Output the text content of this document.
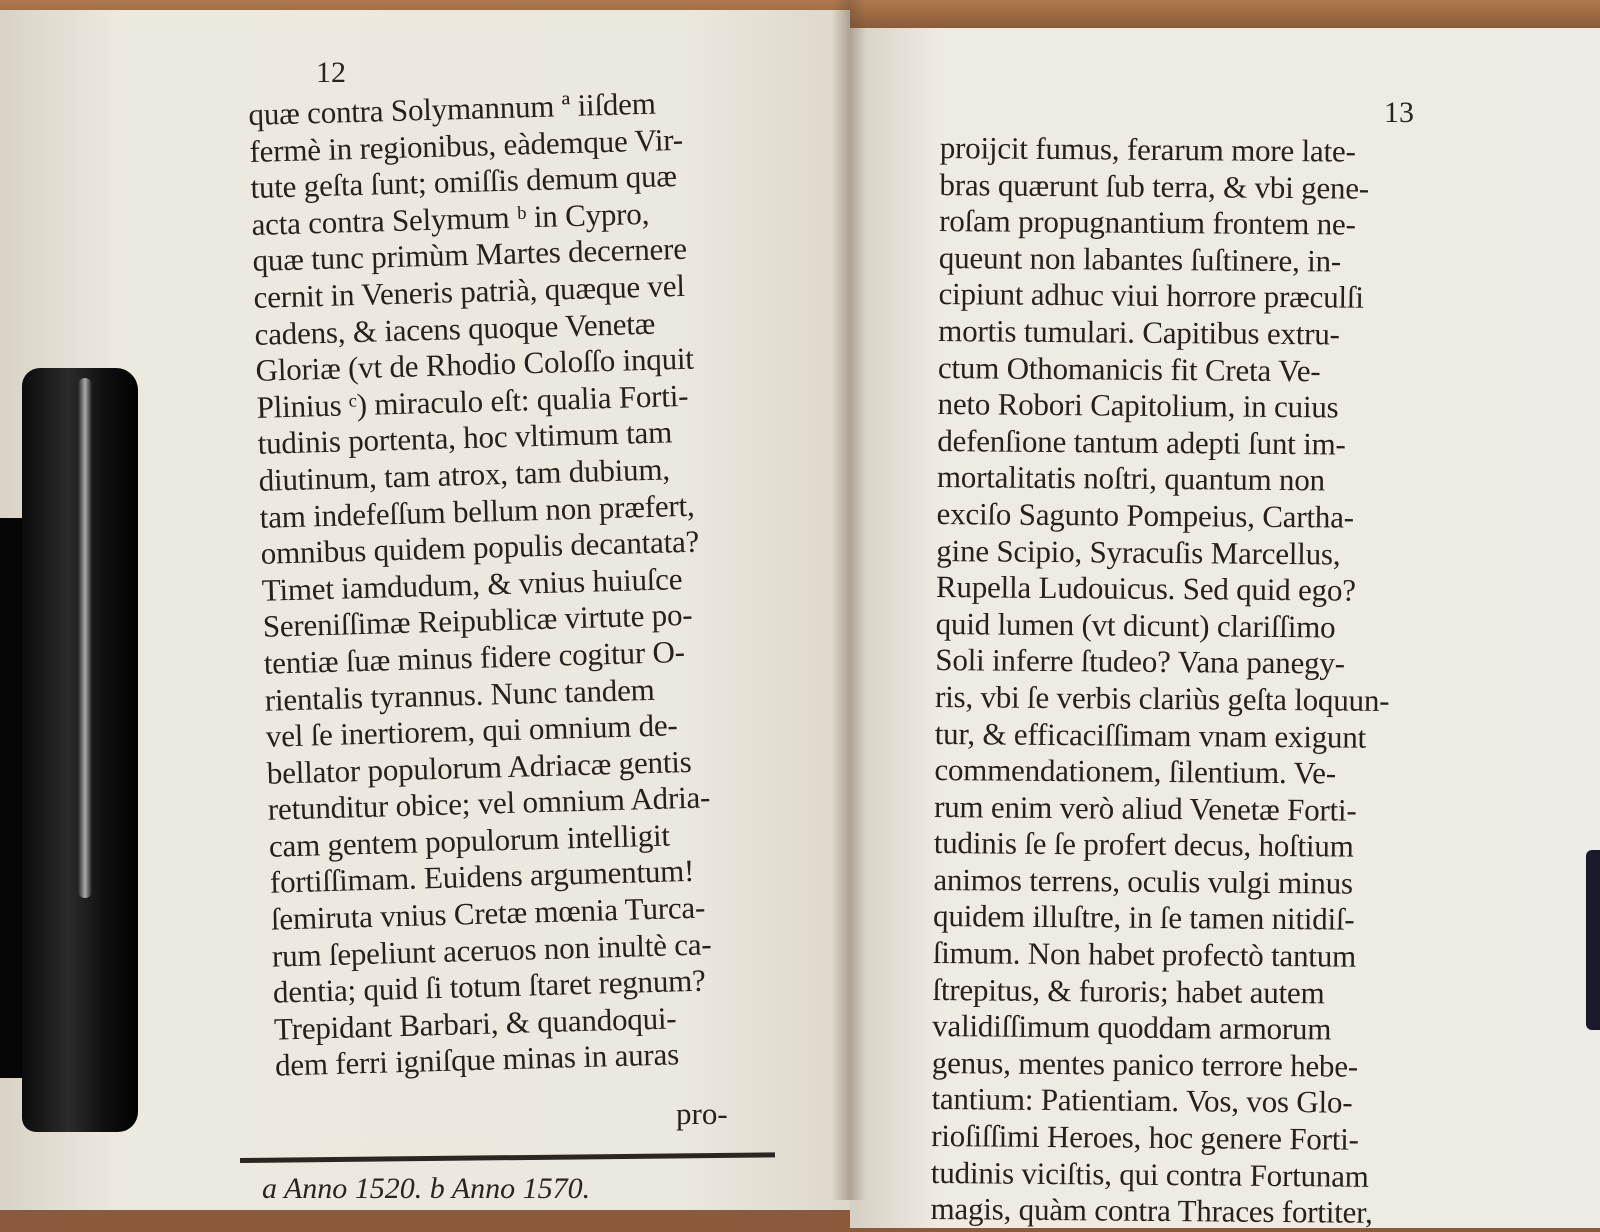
12
13
quæ contra Solymannum ª iiſdem
fermè in regionibus, eàdemque Vir-
tute geſta ſunt; omiſſis demum quæ
acta contra Selymum ᵇ in Cypro,
quæ tunc primùm Martes decernere
cernit in Veneris patrià, quæque vel
cadens, & iacens quoque Venetæ
Gloriæ (vt de Rhodio Coloſſo inquit
Plinius ᶜ) miraculo eſt: qualia Forti-
tudinis portenta, hoc vltimum tam
diutinum, tam atrox, tam dubium,
tam indefeſſum bellum non præfert,
omnibus quidem populis decantata?
Timet iamdudum, & vnius huiuſce
Sereniſſimæ Reipublicæ virtute po-
tentiæ ſuæ minus fidere cogitur O-
rientalis tyrannus. Nunc tandem
vel ſe inertiorem, qui omnium de-
bellator populorum Adriacæ gentis
retunditur obice; vel omnium Adria-
cam gentem populorum intelligit
fortiſſimam. Euidens argumentum!
ſemiruta vnius Cretæ mœnia Turca-
rum ſepeliunt aceruos non inultè ca-
dentia; quid ſi totum ſtaret regnum?
Trepidant Barbari, & quandoqui-
dem ferri igniſque minas in auras
proijcit fumus, ferarum more late-
bras quærunt ſub terra, & vbi gene-
roſam propugnantium frontem ne-
queunt non labantes ſuſtinere, in-
cipiunt adhuc viui horrore præculſi
mortis tumulari. Capitibus extru-
ctum Othomanicis fit Creta Ve-
neto Robori Capitolium, in cuius
defenſione tantum adepti ſunt im-
mortalitatis noſtri, quantum non
exciſo Sagunto Pompeius, Cartha-
gine Scipio, Syracuſis Marcellus,
Rupella Ludouicus. Sed quid ego?
quid lumen (vt dicunt) clariſſimo
Soli inferre ſtudeo? Vana panegy-
ris, vbi ſe verbis clariùs geſta loquun-
tur, & efficaciſſimam vnam exigunt
commendationem, ſilentium. Ve-
rum enim verò aliud Venetæ Forti-
tudinis ſe ſe profert decus, hoſtium
animos terrens, oculis vulgi minus
quidem illuſtre, in ſe tamen nitidiſ-
ſimum. Non habet profectò tantum
ſtrepitus, & furoris; habet autem
validiſſimum quoddam armorum
genus, mentes panico terrore hebe-
tantium: Patientiam. Vos, vos Glo-
rioſiſſimi Heroes, hoc genere Forti-
tudinis viciſtis, qui contra Fortunam
magis, quàm contra Thraces fortiter,
pro-
a Anno 1520. b Anno 1570.
